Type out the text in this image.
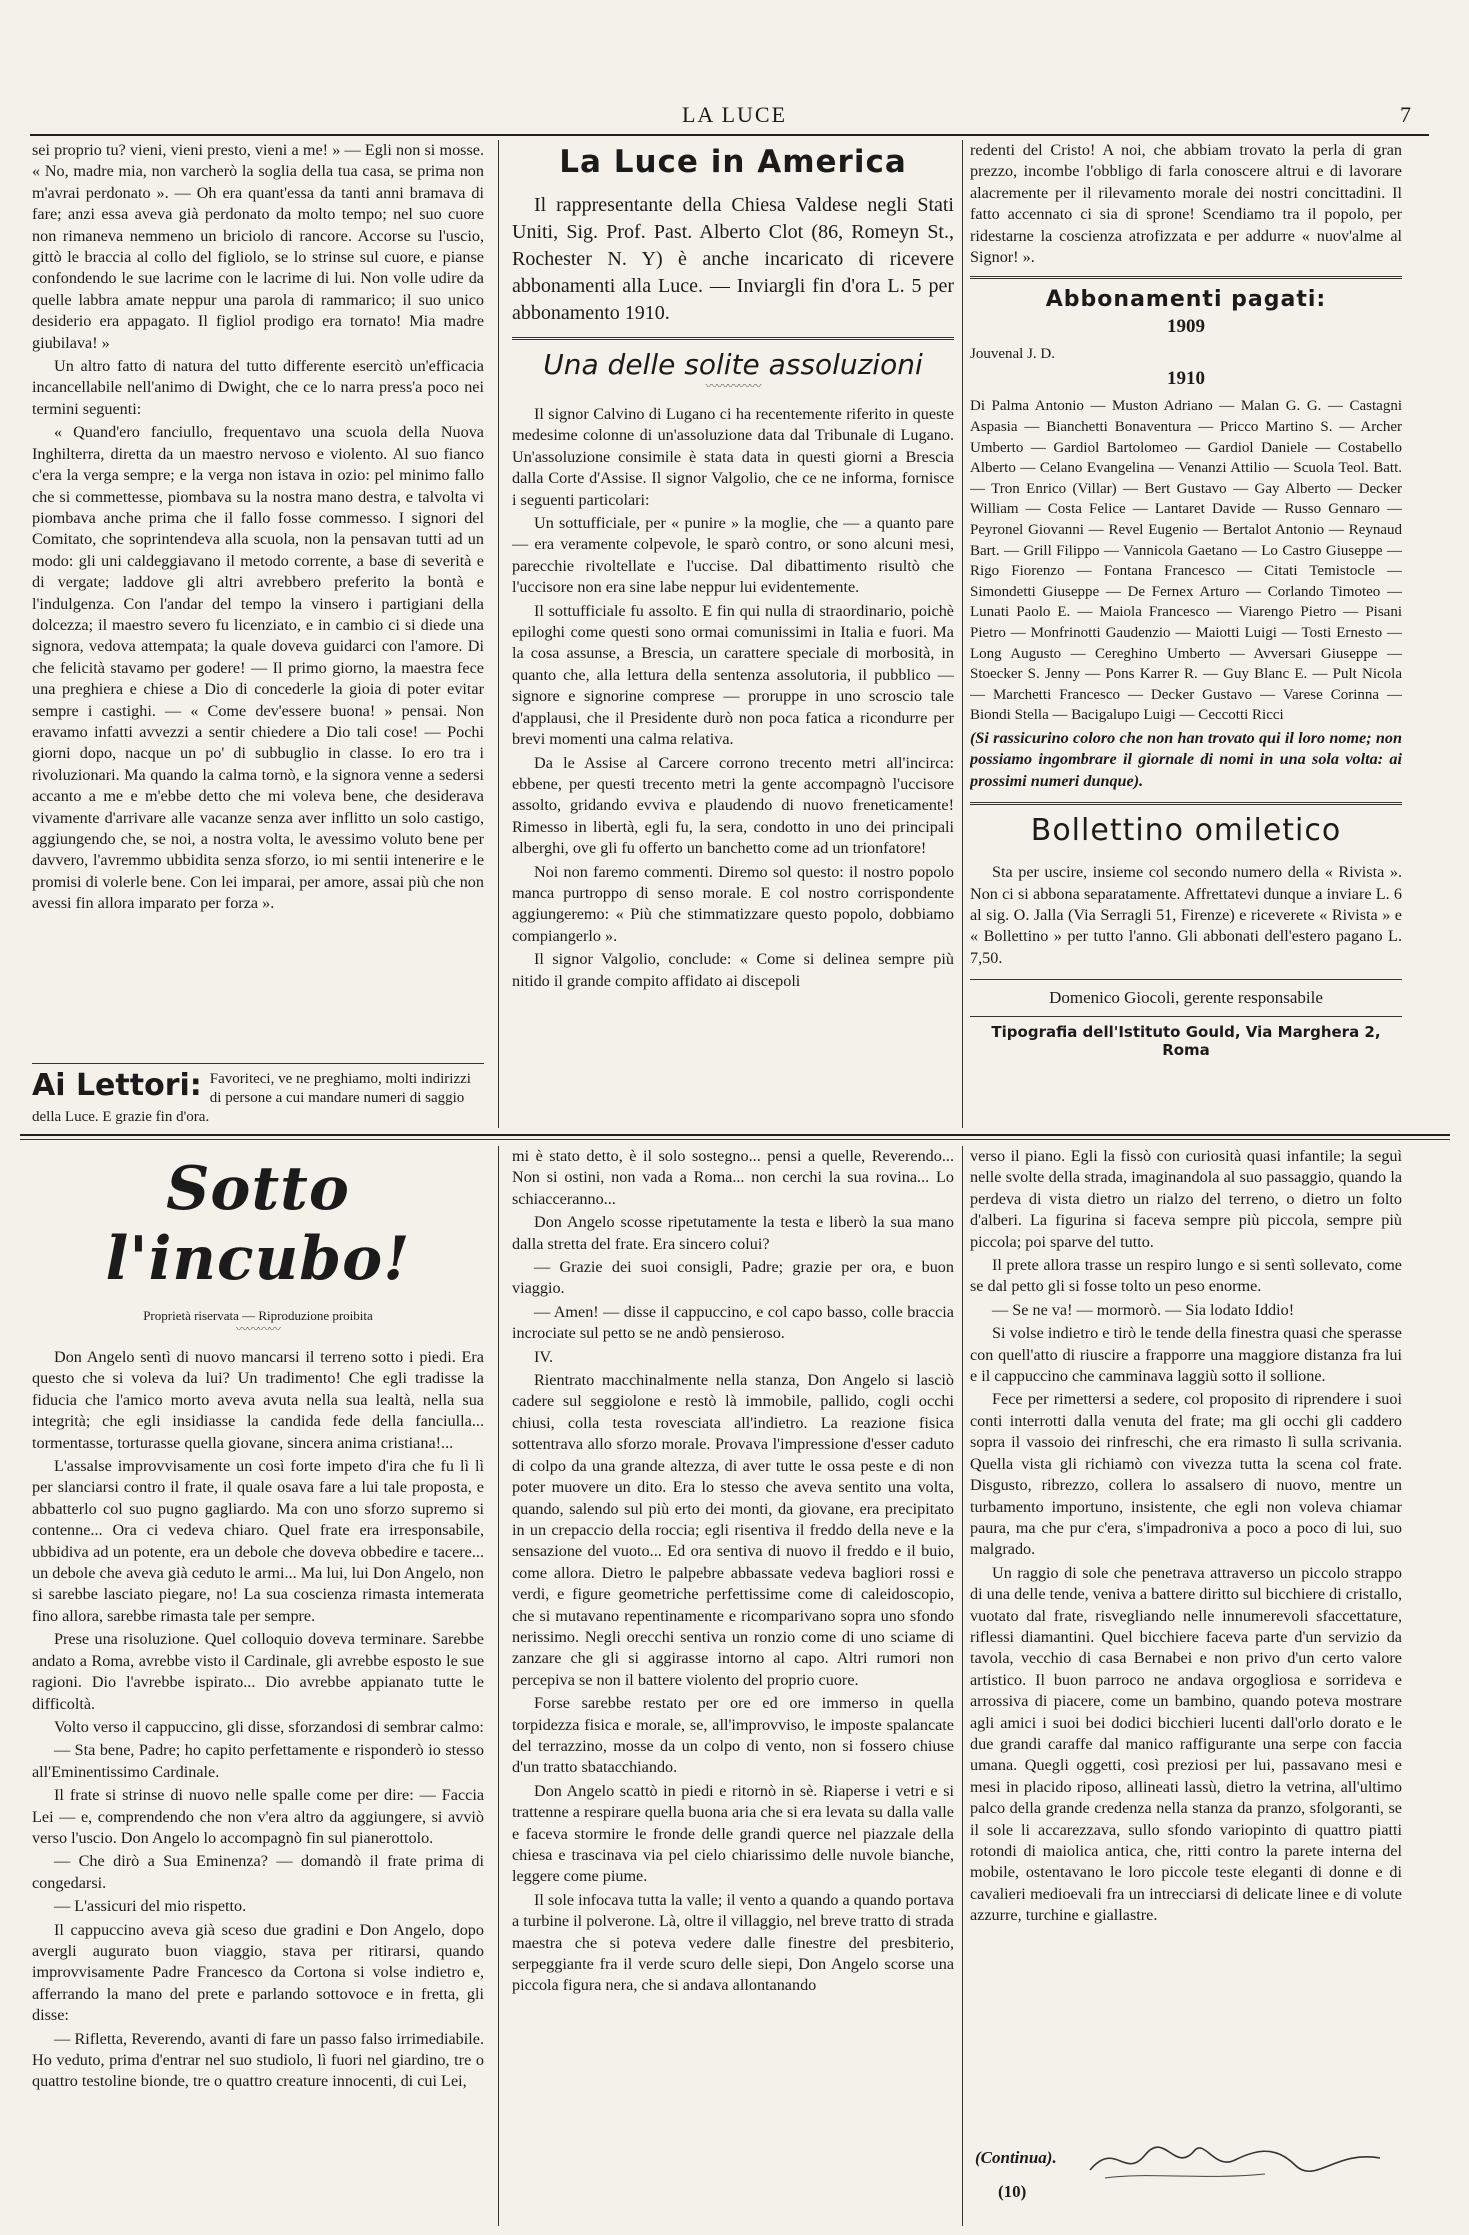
LA LUCE	7

sei proprio tu? vieni, vieni presto, vieni a me! » — Egli non si mosse. « No, madre mia, non varcherò la soglia della tua casa, se prima non m'avrai perdonato ». — Oh era quant'essa da tanti anni bramava di fare; anzi essa aveva già perdonato da molto tempo; nel suo cuore non rimaneva nemmeno un briciolo di rancore. Accorse su l'uscio, gittò le braccia al collo del figliolo, se lo strinse sul cuore, e pianse confondendo le sue lacrime con le lacrime di lui. Non volle udire da quelle labbra amate neppur una parola di rammarico; il suo unico desiderio era appagato. Il figliol prodigo era tornato! Mia madre giubilava! »

Un altro fatto di natura del tutto differente esercitò un'efficacia incancellabile nell'animo di Dwight, che ce lo narra press'a poco nei termini seguenti:

« Quand'ero fanciullo, frequentavo una scuola della Nuova Inghilterra, diretta da un maestro nervoso e violento. Al suo fianco c'era la verga sempre; e la verga non istava in ozio: pel minimo fallo che si commettesse, piombava su la nostra mano destra, e talvolta vi piombava anche prima che il fallo fosse commesso. I signori del Comitato, che soprintendeva alla scuola, non la pensavan tutti ad un modo: gli uni caldeggiavano il metodo corrente, a base di severità e di vergate; laddove gli altri avrebbero preferito la bontà e l'indulgenza. Con l'andar del tempo la vinsero i partigiani della dolcezza; il maestro severo fu licenziato, e in cambio ci si diede una signora, vedova attempata; la quale doveva guidarci con l'amore. Di che felicità stavamo per godere! — Il primo giorno, la maestra fece una preghiera e chiese a Dio di concederle la gioia di poter evitar sempre i castighi. — « Come dev'essere buona! » pensai. Non eravamo infatti avvezzi a sentir chiedere a Dio tali cose! — Pochi giorni dopo, nacque un po' di subbuglio in classe. Io ero tra i rivoluzionari. Ma quando la calma tornò, e la signora venne a sedersi accanto a me e m'ebbe detto che mi voleva bene, che desiderava vivamente d'arrivare alle vacanze senza aver inflitto un solo castigo, aggiungendo che, se noi, a nostra volta, le avessimo voluto bene per davvero, l'avremmo ubbidita senza sforzo, io mi sentii intenerire e le promisi di volerle bene. Con lei imparai, per amore, assai più che non avessi fin allora imparato per forza ».

Ai Lettori: Favoriteci, ve ne preghiamo, molti indirizzi di persone a cui mandare numeri di saggio della Luce. E grazie fin d'ora.
La Luce in America

Il rappresentante della Chiesa Valdese negli Stati Uniti, Sig. Prof. Past. Alberto Clot (86, Romeyn St., Rochester N. Y) è anche incaricato di ricevere abbonamenti alla Luce. — Inviargli fin d'ora L. 5 per abbonamento 1910.

Una delle solite assoluzioni
〰〰〰〰〰

Il signor Calvino di Lugano ci ha recentemente riferito in queste medesime colonne di un'assoluzione data dal Tribunale di Lugano. Un'assoluzione consimile è stata data in questi giorni a Brescia dalla Corte d'Assise. Il signor Valgolio, che ce ne informa, fornisce i seguenti particolari:

Un sottufficiale, per « punire » la moglie, che — a quanto pare — era veramente colpevole, le sparò contro, or sono alcuni mesi, parecchie rivoltellate e l'uccise. Dal dibattimento risultò che l'uccisore non era sine labe neppur lui evidentemente.

Il sottufficiale fu assolto. E fin qui nulla di straordinario, poichè epiloghi come questi sono ormai comunissimi in Italia e fuori. Ma la cosa assunse, a Brescia, un carattere speciale di morbosità, in quanto che, alla lettura della sentenza assolutoria, il pubblico — signore e signorine comprese — proruppe in uno scroscio tale d'applausi, che il Presidente durò non poca fatica a ricondurre per brevi momenti una calma relativa.

Da le Assise al Carcere corrono trecento metri all'incirca: ebbene, per questi trecento metri la gente accompagnò l'uccisore assolto, gridando evviva e plaudendo di nuovo freneticamente! Rimesso in libertà, egli fu, la sera, condotto in uno dei principali alberghi, ove gli fu offerto un banchetto come ad un trionfatore!

Noi non faremo commenti. Diremo sol questo: il nostro popolo manca purtroppo di senso morale. E col nostro corrispondente aggiungeremo: « Più che stimmatizzare questo popolo, dobbiamo compiangerlo ».

Il signor Valgolio, conclude: « Come si delinea sempre più nitido il grande compito affidato ai discepoli

redenti del Cristo! A noi, che abbiam trovato la perla di gran prezzo, incombe l'obbligo di farla conoscere altrui e di lavorare alacremente per il rilevamento morale dei nostri concittadini. Il fatto accennato ci sia di sprone! Scendiamo tra il popolo, per ridestarne la coscienza atrofizzata e per addurre « nuov'alme al Signor! ».

Abbonamenti pagati:
1909

Jouvenal J. D.

1910

Di Palma Antonio — Muston Adriano — Malan G. G. — Castagni Aspasia — Bianchetti Bonaventura — Pricco Martino S. — Archer Umberto — Gardiol Bartolomeo — Gardiol Daniele — Costabello Alberto — Celano Evangelina — Venanzi Attilio — Scuola Teol. Batt. — Tron Enrico (Villar) — Bert Gustavo — Gay Alberto — Decker William — Costa Felice — Lantaret Davide — Russo Gennaro — Peyronel Giovanni — Revel Eugenio — Bertalot Antonio — Reynaud Bart. — Grill Filippo — Vannicola Gaetano — Lo Castro Giuseppe — Rigo Fiorenzo — Fontana Francesco — Citati Temistocle — Simondetti Giuseppe — De Fernex Arturo — Corlando Timoteo — Lunati Paolo E. — Maiola Francesco — Viarengo Pietro — Pisani Pietro — Monfrinotti Gaudenzio — Maiotti Luigi — Tosti Ernesto — Long Augusto — Cereghino Umberto — Avversari Giuseppe — Stoecker S. Jenny — Pons Karrer R. — Guy Blanc E. — Pult Nicola — Marchetti Francesco — Decker Gustavo — Varese Corinna — Biondi Stella — Bacigalupo Luigi — Ceccotti Ricci

(Si rassicurino coloro che non han trovato qui il loro nome; non possiamo ingombrare il giornale di nomi in una sola volta: ai prossimi numeri dunque).

Bollettino omiletico

Sta per uscire, insieme col secondo numero della « Rivista ». Non ci si abbona separatamente. Affrettatevi dunque a inviare L. 6 al sig. O. Jalla (Via Serragli 51, Firenze) e riceverete « Rivista » e « Bollettino » per tutto l'anno. Gli abbonati dell'estero pagano L. 7,50.

Domenico Giocoli, gerente responsabile
Tipografia dell'Istituto Gould, Via Marghera 2, Roma
Sotto l'incubo!
Proprietà riservata — Riproduzione proibita
〰〰〰〰

Don Angelo sentì di nuovo mancarsi il terreno sotto i piedi. Era questo che si voleva da lui? Un tradimento! Che egli tradisse la fiducia che l'amico morto aveva avuta nella sua lealtà, nella sua integrità; che egli insidiasse la candida fede della fanciulla... tormentasse, torturasse quella giovane, sincera anima cristiana!...

L'assalse improvvisamente un così forte impeto d'ira che fu lì lì per slanciarsi contro il frate, il quale osava fare a lui tale proposta, e abbatterlo col suo pugno gagliardo. Ma con uno sforzo supremo si contenne... Ora ci vedeva chiaro. Quel frate era irresponsabile, ubbidiva ad un potente, era un debole che doveva obbedire e tacere... un debole che aveva già ceduto le armi... Ma lui, lui Don Angelo, non si sarebbe lasciato piegare, no! La sua coscienza rimasta intemerata fino allora, sarebbe rimasta tale per sempre.

Prese una risoluzione. Quel colloquio doveva terminare. Sarebbe andato a Roma, avrebbe visto il Cardinale, gli avrebbe esposto le sue ragioni. Dio l'avrebbe ispirato... Dio avrebbe appianato tutte le difficoltà.

Volto verso il cappuccino, gli disse, sforzandosi di sembrar calmo:

— Sta bene, Padre; ho capito perfettamente e risponderò io stesso all'Eminentissimo Cardinale.

Il frate si strinse di nuovo nelle spalle come per dire: — Faccia Lei — e, comprendendo che non v'era altro da aggiungere, si avviò verso l'uscio. Don Angelo lo accompagnò fin sul pianerottolo.

— Che dirò a Sua Eminenza? — domandò il frate prima di congedarsi.

— L'assicuri del mio rispetto.

Il cappuccino aveva già sceso due gradini e Don Angelo, dopo avergli augurato buon viaggio, stava per ritirarsi, quando improvvisamente Padre Francesco da Cortona si volse indietro e, afferrando la mano del prete e parlando sottovoce e in fretta, gli disse:

— Rifletta, Reverendo, avanti di fare un passo falso irrimediabile. Ho veduto, prima d'entrar nel suo studiolo, lì fuori nel giardino, tre o quattro testoline bionde, tre o quattro creature innocenti, di cui Lei,

mi è stato detto, è il solo sostegno... pensi a quelle, Reverendo... Non si ostini, non vada a Roma... non cerchi la sua rovina... Lo schiacceranno...

Don Angelo scosse ripetutamente la testa e liberò la sua mano dalla stretta del frate. Era sincero colui?

— Grazie dei suoi consigli, Padre; grazie per ora, e buon viaggio.

— Amen! — disse il cappuccino, e col capo basso, colle braccia incrociate sul petto se ne andò pensieroso.

IV.

Rientrato macchinalmente nella stanza, Don Angelo si lasciò cadere sul seggiolone e restò là immobile, pallido, cogli occhi chiusi, colla testa rovesciata all'indietro. La reazione fisica sottentrava allo sforzo morale. Provava l'impressione d'esser caduto di colpo da una grande altezza, di aver tutte le ossa peste e di non poter muovere un dito. Era lo stesso che aveva sentito una volta, quando, salendo sul più erto dei monti, da giovane, era precipitato in un crepaccio della roccia; egli risentiva il freddo della neve e la sensazione del vuoto... Ed ora sentiva di nuovo il freddo e il buio, come allora. Dietro le palpebre abbassate vedeva bagliori rossi e verdi, e figure geometriche perfettissime come di caleidoscopio, che si mutavano repentinamente e ricomparivano sopra uno sfondo nerissimo. Negli orecchi sentiva un ronzio come di uno sciame di zanzare che gli si aggirasse intorno al capo. Altri rumori non percepiva se non il battere violento del proprio cuore.

Forse sarebbe restato per ore ed ore immerso in quella torpidezza fisica e morale, se, all'improvviso, le imposte spalancate del terrazzino, mosse da un colpo di vento, non si fossero chiuse d'un tratto sbatacchiando.

Don Angelo scattò in piedi e ritornò in sè. Riaperse i vetri e si trattenne a respirare quella buona aria che si era levata su dalla valle e faceva stormire le fronde delle grandi querce nel piazzale della chiesa e trascinava via pel cielo chiarissimo delle nuvole bianche, leggere come piume.

Il sole infocava tutta la valle; il vento a quando a quando portava a turbine il polverone. Là, oltre il villaggio, nel breve tratto di strada maestra che si poteva vedere dalle finestre del presbiterio, serpeggiante fra il verde scuro delle siepi, Don Angelo scorse una piccola figura nera, che si andava allontanando

verso il piano. Egli la fissò con curiosità quasi infantile; la seguì nelle svolte della strada, imaginandola al suo passaggio, quando la perdeva di vista dietro un rialzo del terreno, o dietro un folto d'alberi. La figurina si faceva sempre più piccola, sempre più piccola; poi sparve del tutto.

Il prete allora trasse un respiro lungo e si sentì sollevato, come se dal petto gli si fosse tolto un peso enorme.

— Se ne va! — mormorò. — Sia lodato Iddio!

Si volse indietro e tirò le tende della finestra quasi che sperasse con quell'atto di riuscire a frapporre una maggiore distanza fra lui e il cappuccino che camminava laggiù sotto il sollione.

Fece per rimettersi a sedere, col proposito di riprendere i suoi conti interrotti dalla venuta del frate; ma gli occhi gli caddero sopra il vassoio dei rinfreschi, che era rimasto lì sulla scrivania. Quella vista gli richiamò con vivezza tutta la scena col frate. Disgusto, ribrezzo, collera lo assalsero di nuovo, mentre un turbamento importuno, insistente, che egli non voleva chiamar paura, ma che pur c'era, s'impadroniva a poco a poco di lui, suo malgrado.

Un raggio di sole che penetrava attraverso un piccolo strappo di una delle tende, veniva a battere diritto sul bicchiere di cristallo, vuotato dal frate, risvegliando nelle innumerevoli sfaccettature, riflessi diamantini. Quel bicchiere faceva parte d'un servizio da tavola, vecchio di casa Bernabei e non privo d'un certo valore artistico. Il buon parroco ne andava orgogliosa e sorrideva e arrossiva di piacere, come un bambino, quando poteva mostrare agli amici i suoi bei dodici bicchieri lucenti dall'orlo dorato e le due grandi caraffe dal manico raffigurante una serpe con faccia umana. Quegli oggetti, così preziosi per lui, passavano mesi e mesi in placido riposo, allineati lassù, dietro la vetrina, all'ultimo palco della grande credenza nella stanza da pranzo, sfolgoranti, se il sole li accarezzava, sullo sfondo variopinto di quattro piatti rotondi di maiolica antica, che, ritti contro la parete interna del mobile, ostentavano le loro piccole teste eleganti di donne e di cavalieri medioevali fra un intrecciarsi di delicate linee e di volute azzurre, turchine e giallastre.

(Continua).
(10)
